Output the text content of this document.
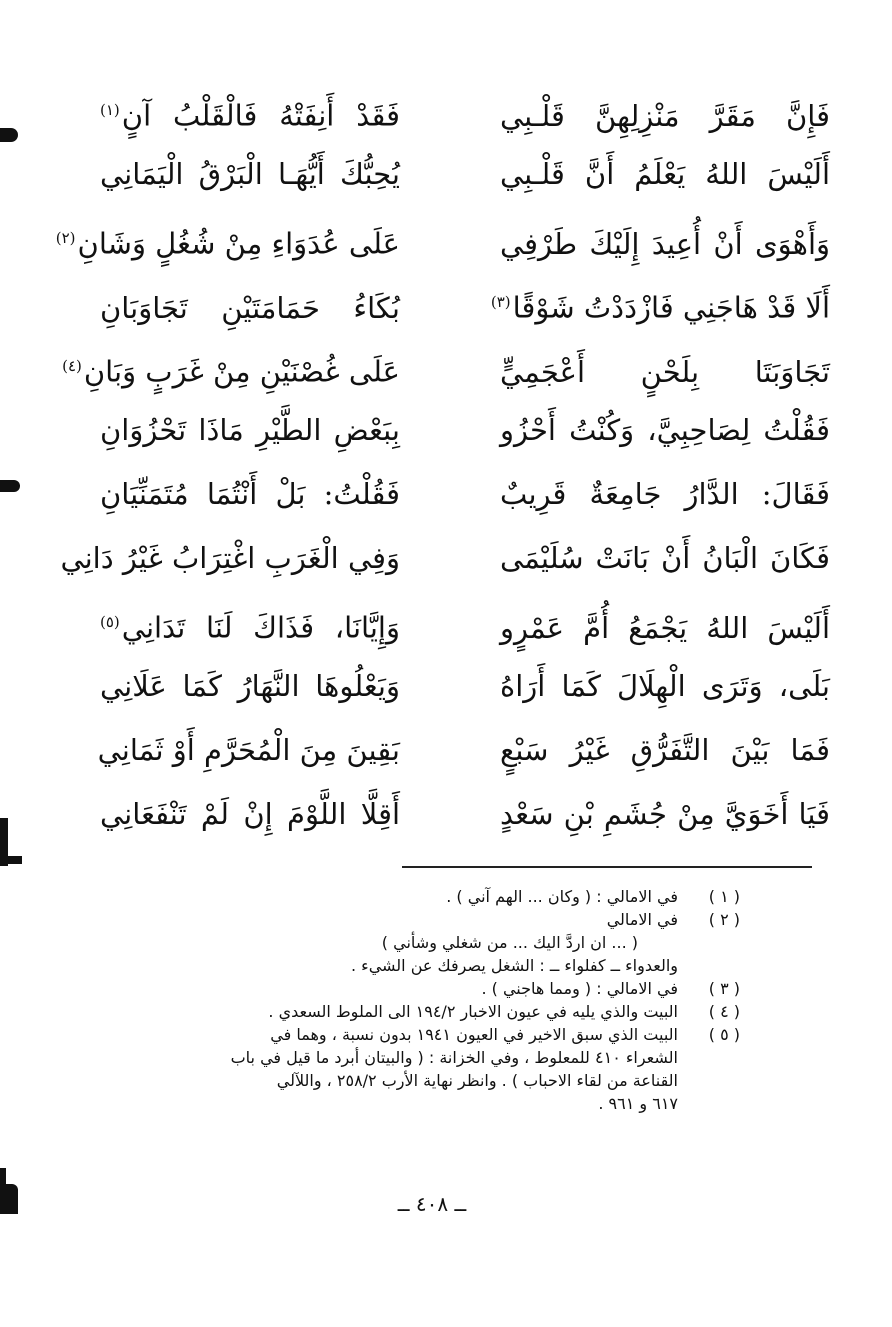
فَإِنَّ مَقَرَّ مَنْزِلِهِنَّ قَلْـبِي
فَقَدْ أَنِفَتْهُ فَالْقَلْبُ آنٍ$^{(١)}$
أَلَيْسَ اللهُ يَعْلَمُ أَنَّ قَلْـبِي
يُحِبُّكَ أَيُّهَـا الْبَرْقُ الْيَمَانِي
وَأَهْوَى أَنْ أُعِيدَ إِلَيْكَ طَرْفِي
عَلَى عُدَوَاءِ مِنْ شُغُلٍ وَشَانِ$^{(٢)}$
أَلَا قَدْ هَاجَنِي فَازْدَدْتُ شَوْقًا$^{(٣)}$
بُكَاءُ حَمَامَتَيْنِ تَجَاوَبَانِ
تَجَاوَبَتَا بِلَحْنٍ أَعْجَمِيٍّ
عَلَى غُصْنَيْنِ مِنْ غَرَبٍ وَبَانِ$^{(٤)}$
فَقُلْتُ لِصَاحِبِيَّ، وَكُنْتُ أَحْزُو
بِبَعْضِ الطَّيْرِ مَاذَا تَحْزُوَانِ
فَقَالَ: الدَّارُ جَامِعَةٌ قَرِيبٌ
فَقُلْتُ: بَلْ أَنْتُمَا مُتَمَنِّيَانِ
فَكَانَ الْبَانُ أَنْ بَانَتْ سُلَيْمَى
وَفِي الْغَرَبِ اغْتِرَابُ غَيْرُ دَانِي
أَلَيْسَ اللهُ يَجْمَعُ أُمَّ عَمْرٍو
وَإِيَّانَا، فَذَاكَ لَنَا تَدَانِي$^{(٥)}$
بَلَى، وَتَرَى الْهِلَالَ كَمَا أَرَاهُ
وَيَعْلُوهَا النَّهَارُ كَمَا عَلَانِي
فَمَا بَيْنَ التَّفَرُّقِ غَيْرُ سَبْعٍ
بَقِينَ مِنَ الْمُحَرَّمِ أَوْ ثَمَانِي
فَيَا أَخَوَيَّ مِنْ جُشَمِ بْنِ سَعْدٍ
أَقِلَّا اللَّوْمَ إِنْ لَمْ تَنْفَعَانِي
( ١ )
في الامالي : ( وكان ... الهم آني ) .
( ٢ )
في الامالي
( ... ان اردَّ اليك ... من شغلي وشأني )
والعدواء ــ كفلواء ــ : الشغل يصرفك عن الشيء .
( ٣ )
في الامالي : ( ومما هاجني ) .
( ٤ )
البيت والذي يليه في عيون الاخبار ١٩٤/٢ الى الملوط السعدي .
( ٥ )
البيت الذي سبق الاخير في العيون ١٩٤١ بدون نسبة ، وهما في
الشعراء ٤١٠ للمعلوط ، وفي الخزانة : ( والبيتان أبرد ما قيل في باب
القناعة من لقاء الاحباب ) . وانظر نهاية الأرب ٢٥٨/٢ ، واللآلي
٦١٧ و ٩٦١ .
ــ ٤٠٨ ــ
